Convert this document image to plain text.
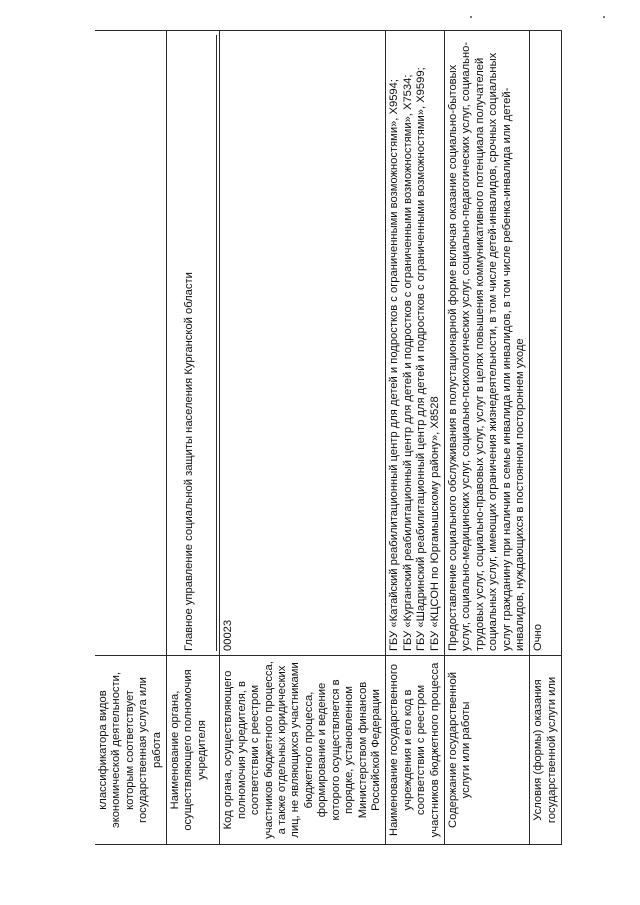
классификатора видов экономической деятельности, которым соответствует государственная услуга или работа	
Наименование органа, осуществляющего полномочия учредителя	Главное управление социальной защиты населения Курганской области

Код органа, осуществляющего полномочия учредителя, в соответствии с реестром участников бюджетного процесса, а также отдельных юридических лиц, не являющихся участниками бюджетного процесса, формирование и ведение которого осуществляется в порядке, установленном Министерством финансов Российской Федерации	00023
Наименование государственного учреждения и его код в соответствии с реестром участников бюджетного процесса	ГБУ «Катайский реабилитационный центр для детей и подростков с ограниченными возможностями», Х9594; ГБУ «Курганский реабилитационный центр для детей и подростков с ограниченными возможностями», Х7534; ГБУ «Шадринский реабилитационный центр для детей и подростков с ограниченными возможностями», Х9599; ГБУ «КЦСОН по Юргамышскому району», Х8528

Содержание государственной услуги или работы	Предоставление социального обслуживания в полустационарной форме включая оказание социально-бытовых услуг, социально-медицинских услуг, социально-психологических услуг, социально-педагогических услуг, социально-трудовых услуг, социально-правовых услуг, услуг в целях повышения коммуникативного потенциала получателей социальных услуг, имеющих ограничения жизнедеятельности, в том числе детей-инвалидов, срочных социальных услуг гражданину при наличии в семье инвалида или инвалидов, в том числе ребенка-инвалида или детей-инвалидов, нуждающихся в постоянном постороннем уходе
Условия (формы) оказания государственной услуги или	Очно
